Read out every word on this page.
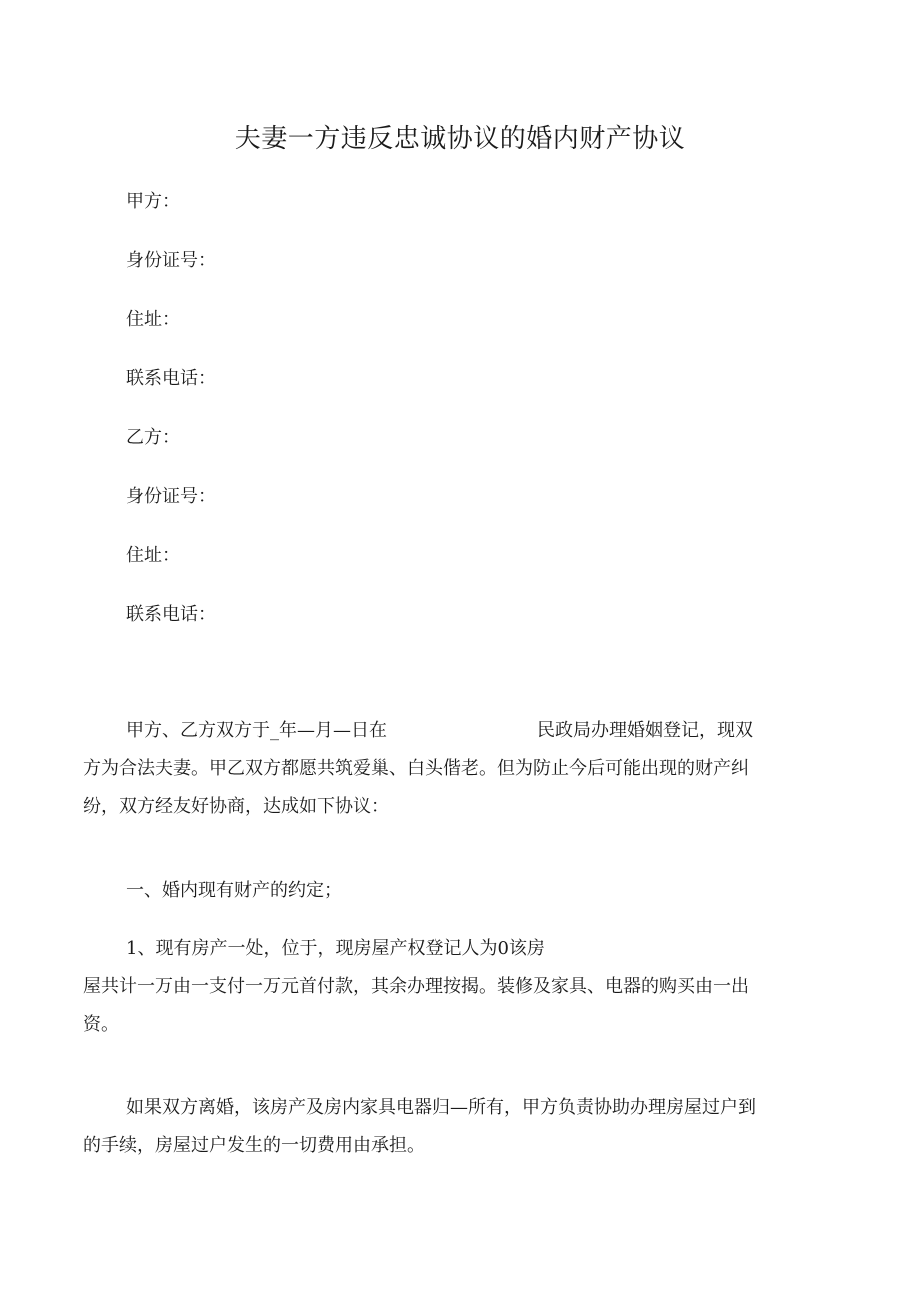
夫妻一方违反忠诚协议的婚内财产协议
甲方：
身份证号：
住址：
联系电话：
乙方：
身份证号：
住址：
联系电话：
甲方、乙方双方于_年—月—日在	民政局办理婚姻登记，现双
方为合法夫妻。甲乙双方都愿共筑爱巢、白头偕老。但为防止今后可能出现的财产纠
纷，双方经友好协商，达成如下协议：
一、婚内现有财产的约定；
1、现有房产一处，位于，现房屋产权登记人为0该房
屋共计一万由一支付一万元首付款，其余办理按揭。装修及家具、电器的购买由一出
资。
如果双方离婚，该房产及房内家具电器归—所有，甲方负责协助办理房屋过户到
的手续，房屋过户发生的一切费用由承担。
